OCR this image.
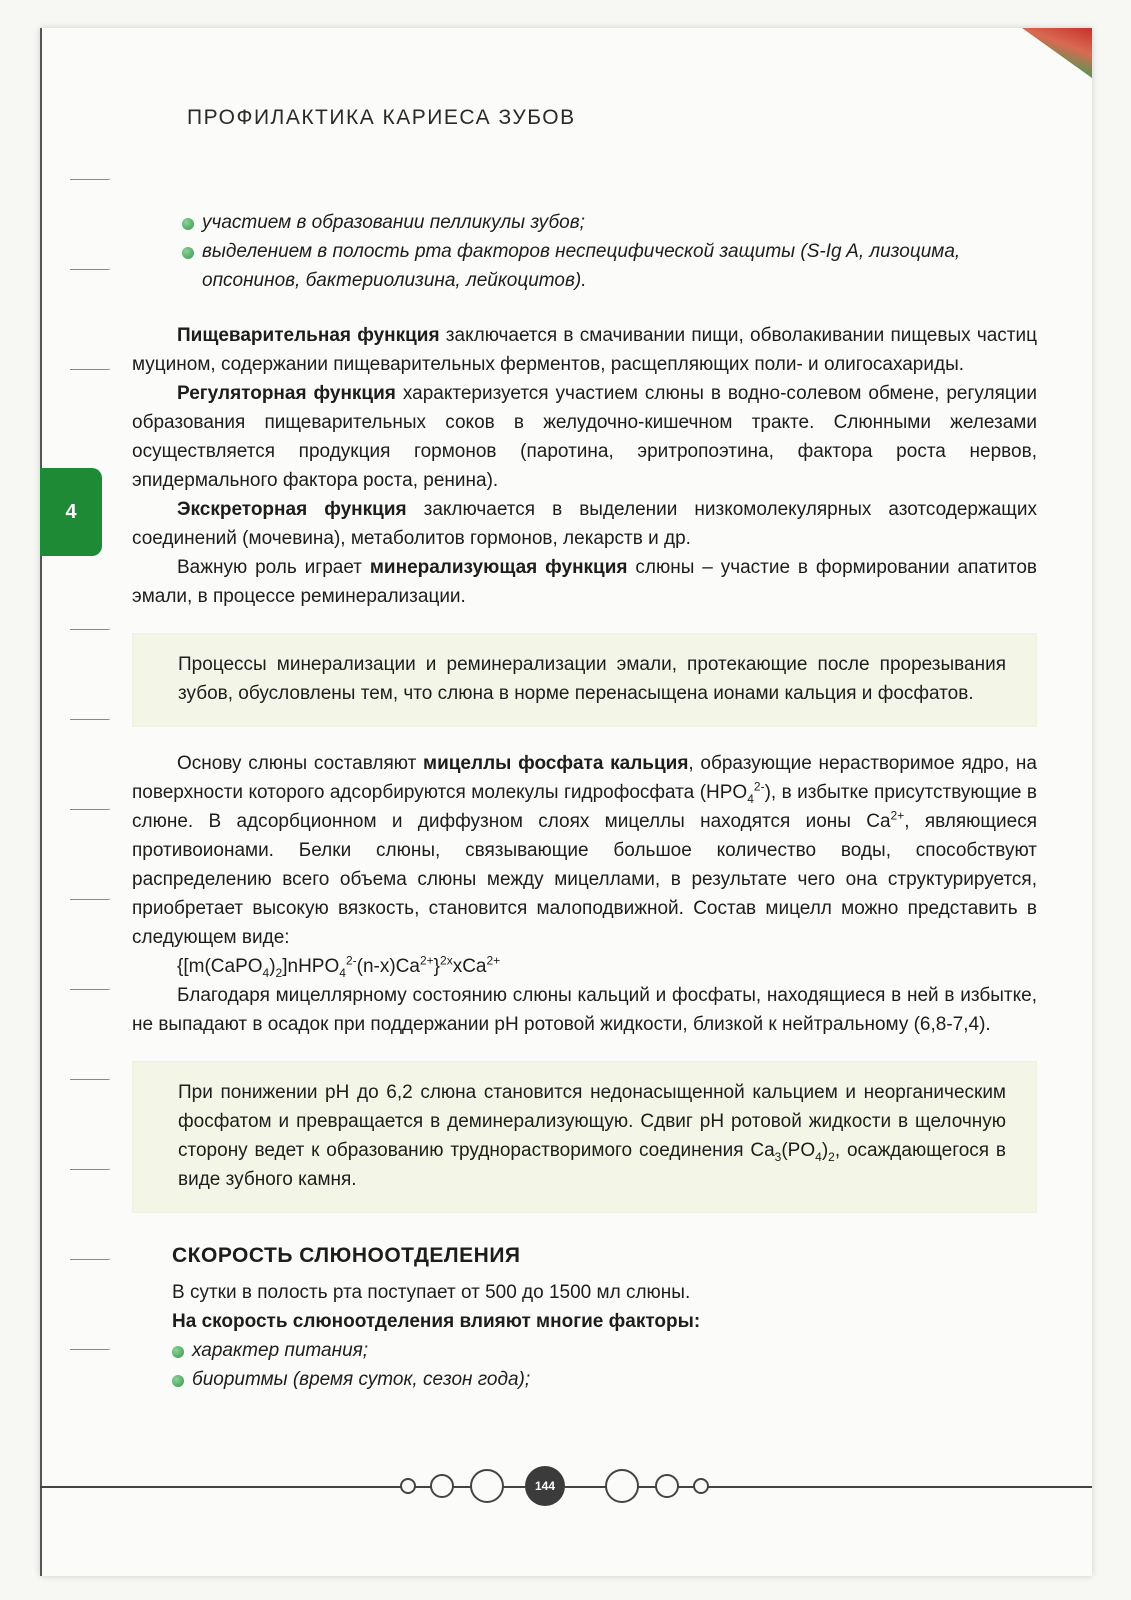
4
ПРОФИЛАКТИКА КАРИЕСА ЗУБОВ
участием в образовании пелликулы зубов;
выделением в полость рта факторов неспецифической защиты (S-Ig A, лизоцима, опсонинов, бактериолизина, лейкоцитов).

Пищеварительная функция заключается в смачивании пищи, обволакивании пищевых частиц муцином, содержании пищеварительных ферментов, расщепляющих поли- и олигосахариды.

Регуляторная функция характеризуется участием слюны в водно-солевом обмене, регуляции образования пищеварительных соков в желудочно-кишечном тракте. Слюнными железами осуществляется продукция гормонов (паротина, эритропоэтина, фактора роста нервов, эпидермального фактора роста, ренина).

Экскреторная функция заключается в выделении низкомолекулярных азотсодержащих соединений (мочевина), метаболитов гормонов, лекарств и др.

Важную роль играет минерализующая функция слюны – участие в формировании апатитов эмали, в процессе реминерализации.

Процессы минерализации и реминерализации эмали, протекающие после прорезывания зубов, обусловлены тем, что слюна в норме перенасыщена ионами кальция и фосфатов.

Основу слюны составляют мицеллы фосфата кальция, образующие нерастворимое ядро, на поверхности которого адсорбируются молекулы гидрофосфата $(HPO_4^{2-})$, в избытке присутствующие в слюне. В адсорбционном и диффузном слоях мицеллы находятся ионы $Ca^{2+}$, являющиеся противоионами. Белки слюны, связывающие большое количество воды, способствуют распределению всего объема слюны между мицеллами, в результате чего она структурируется, приобретает высокую вязкость, становится малоподвижной. Состав мицелл можно представить в следующем виде:

$\{[m(CaPO_4)_2]nHPO_4^{2-}(n-x)Ca^{2+}\}^{2x}xCa^{2+}$

Благодаря мицеллярному состоянию слюны кальций и фосфаты, находящиеся в ней в избытке, не выпадают в осадок при поддержании pH ротовой жидкости, близкой к нейтральному (6,8-7,4).

При понижении pH до 6,2 слюна становится недонасыщенной кальцием и неорганическим фосфатом и превращается в деминерализующую. Сдвиг pH ротовой жидкости в щелочную сторону ведет к образованию труднорастворимого соединения $Ca_3(PO_4)_2$, осаждающегося в виде зубного камня.

СКОРОСТЬ СЛЮНООТДЕЛЕНИЯ

В сутки в полость рта поступает от 500 до 1500 мл слюны.

На скорость слюноотделения влияют многие факторы:

характер питания;
биоритмы (время суток, сезон года);
144
